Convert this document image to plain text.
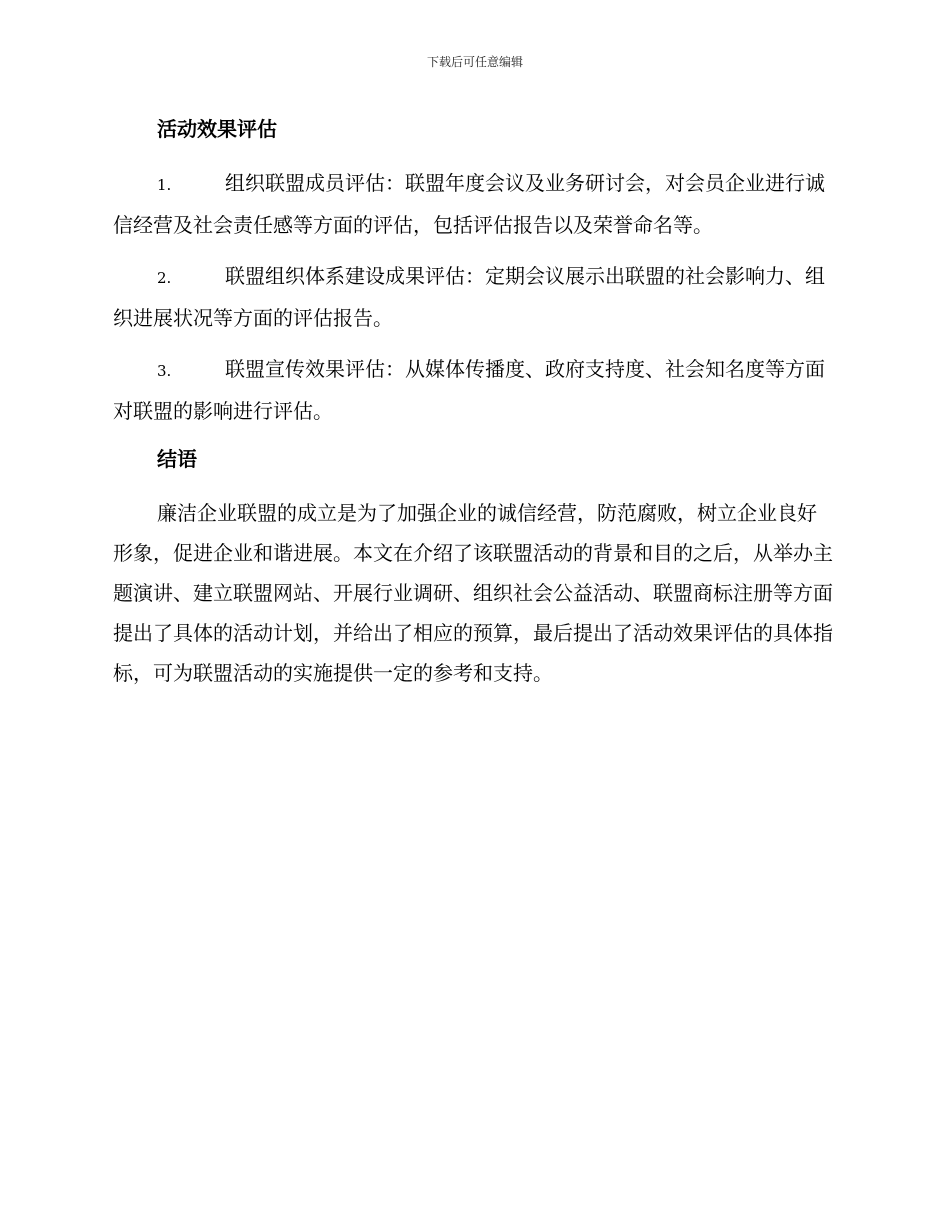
下载后可任意编辑
活动效果评估

1.	组织联盟成员评估：联盟年度会议及业务研讨会，对会员企业进行诚信经营及社会责任感等方面的评估，包括评估报告以及荣誉命名等。

2.	联盟组织体系建设成果评估：定期会议展示出联盟的社会影响力、组织进展状况等方面的评估报告。

3.	联盟宣传效果评估：从媒体传播度、政府支持度、社会知名度等方面对联盟的影响进行评估。

结语

廉洁企业联盟的成立是为了加强企业的诚信经营，防范腐败，树立企业良好形象，促进企业和谐进展。本文在介绍了该联盟活动的背景和目的之后，从举办主题演讲、建立联盟网站、开展行业调研、组织社会公益活动、联盟商标注册等方面提出了具体的活动计划，并给出了相应的预算，最后提出了活动效果评估的具体指标，可为联盟活动的实施提供一定的参考和支持。
